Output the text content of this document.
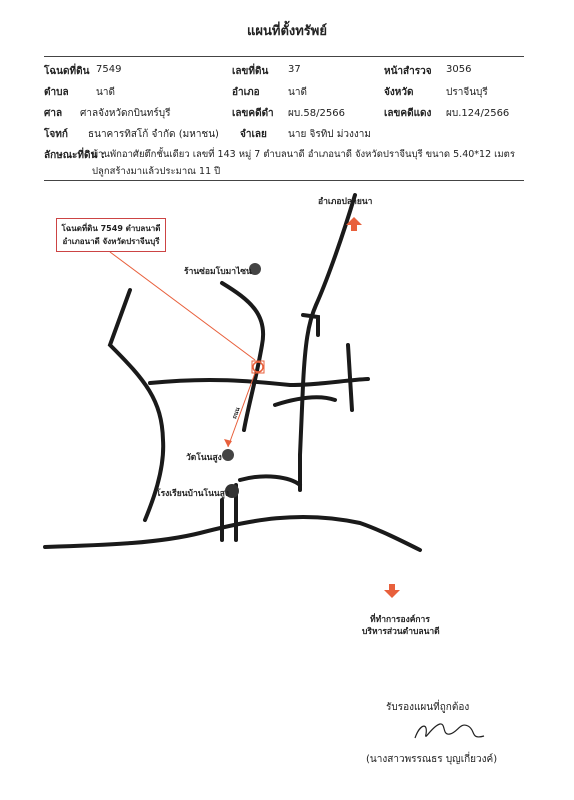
แผนที่ตั้งทรัพย์
โฉนดที่ดิน 7549	เลขที่ดิน 37	หน้าสำรวจ 3056
ตำบล	นาดี	อำเภอ	นาดี	จังหวัด	ปราจีนบุรี
ศาล ศาลจังหวัดกบินทร์บุรี	เลขคดีดำ ผบ.58/2566	เลขคดีแดง ผบ.124/2566
โจทก์ ธนาคารทิสโก้ จำกัด (มหาชน) จำเลย นาย จิรทิป ม่วงงาม
ลักษณะที่ดิน :
บ้านพักอาศัยตึกชั้นเดียว เลขที่ 143 หมู่ 7 ตำบลนาดี อำเภอนาดี จังหวัดปราจีนบุรี ขนาด 5.40*12 เมตร
ปลูกสร้างมาแล้วประมาณ 11 ปี
โฉนดที่ดิน 7549 ตำบลนาดี
อำเภอนาดี จังหวัดปราจีนบุรี
อำเภอปลายนา
ร้านซ่อมโบมาไซน
วัดโนนสูง
โรงเรียนบ้านโนนสูง
ที่ทำการองค์การ
บริหารส่วนตำบลนาดี
ถนน
รับรองแผนที่ถูกต้อง
(นางสาวพรรณธร บุญเกี่ยวงค์)
